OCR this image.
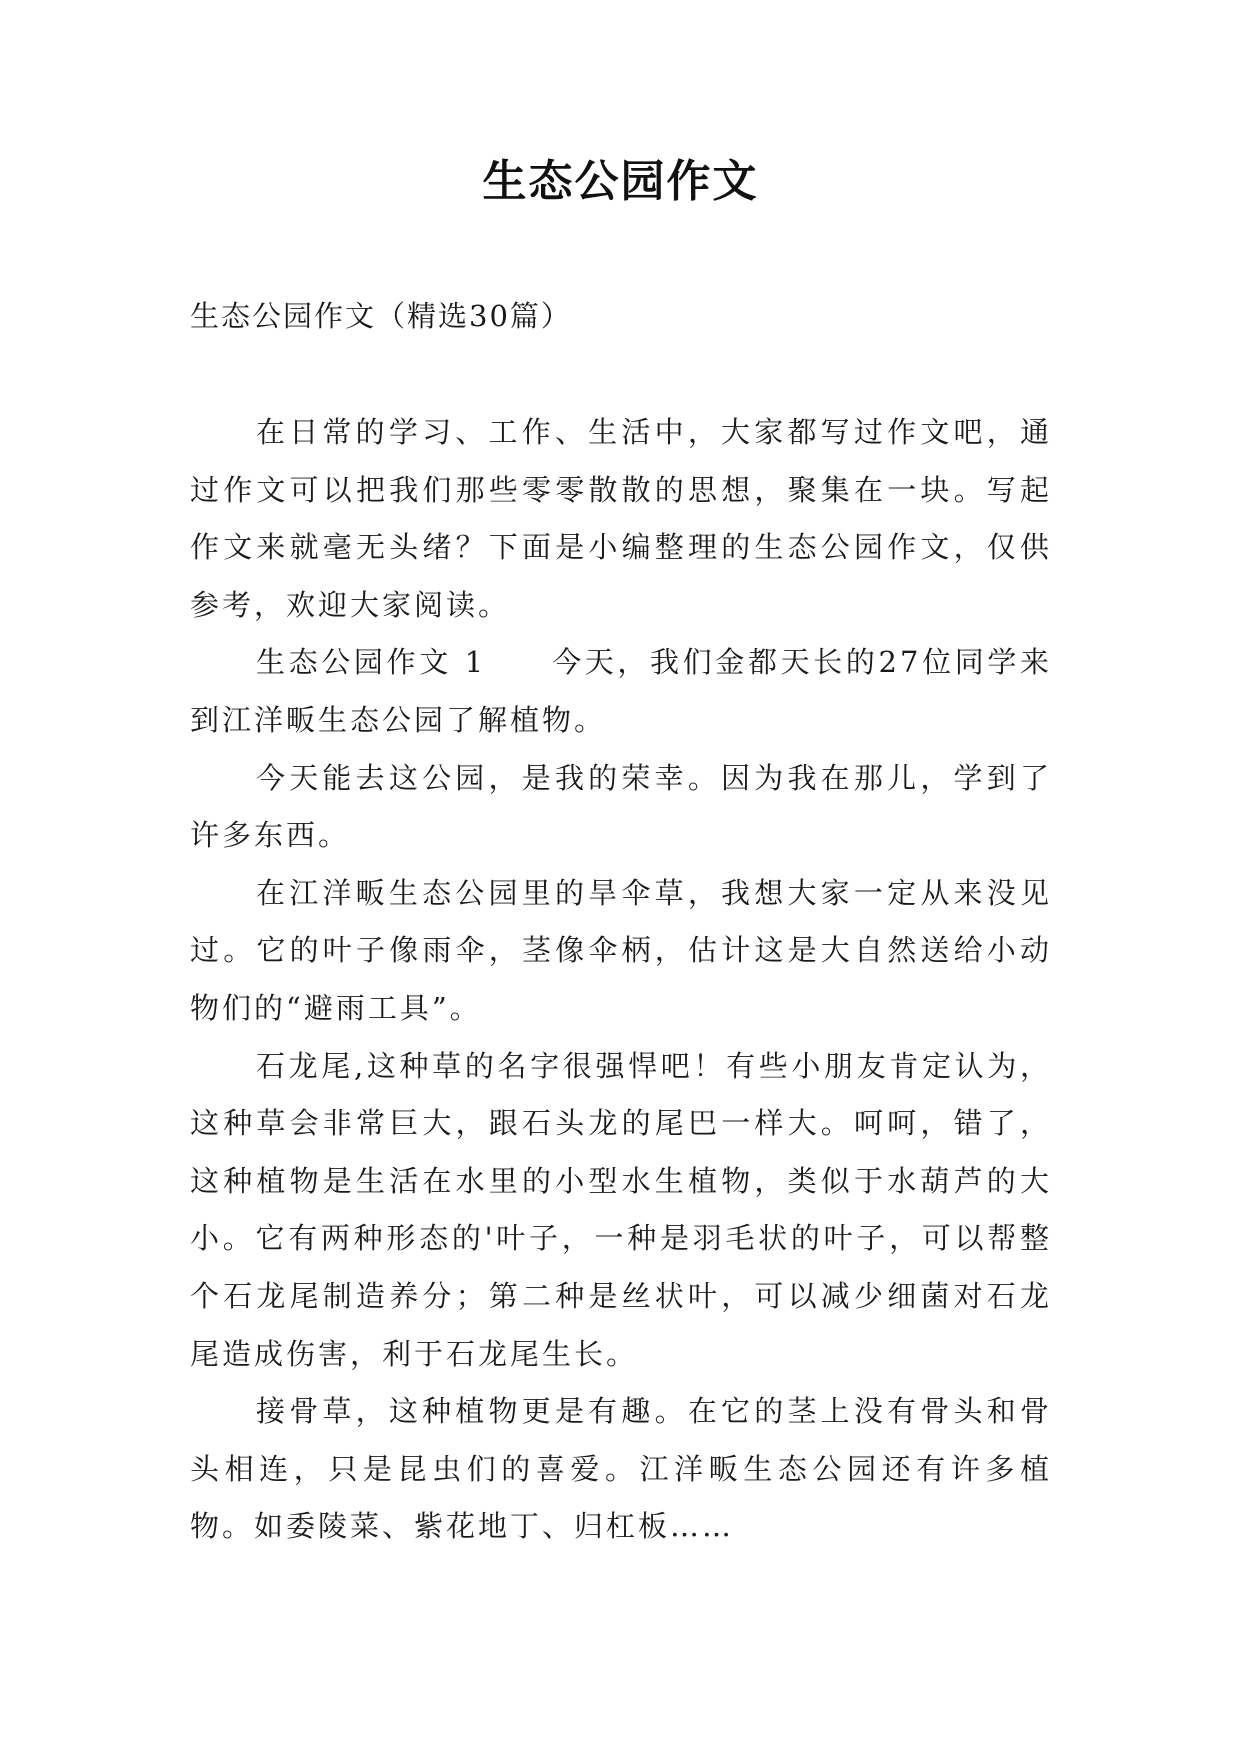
生态公园作文
生态公园作文（精选30篇）

在日常的学习、工作、生活中，大家都写过作文吧，通过作文可以把我们那些零零散散的思想，聚集在一块。写起作文来就毫无头绪？下面是小编整理的生态公园作文，仅供参考，欢迎大家阅读。

生态公园作文 1　　今天，我们金都天长的27位同学来到江洋畈生态公园了解植物。

今天能去这公园，是我的荣幸。因为我在那儿，学到了许多东西。

在江洋畈生态公园里的旱伞草，我想大家一定从来没见过。它的叶子像雨伞，茎像伞柄，估计这是大自然送给小动物们的“避雨工具”。

石龙尾,这种草的名字很强悍吧！有些小朋友肯定认为，这种草会非常巨大，跟石头龙的尾巴一样大。呵呵，错了，这种植物是生活在水里的小型水生植物，类似于水葫芦的大小。它有两种形态的'叶子，一种是羽毛状的叶子，可以帮整个石龙尾制造养分；第二种是丝状叶，可以减少细菌对石龙尾造成伤害，利于石龙尾生长。

接骨草，这种植物更是有趣。在它的茎上没有骨头和骨头相连，只是昆虫们的喜爱。江洋畈生态公园还有许多植物。如委陵菜、紫花地丁、归杠板……
